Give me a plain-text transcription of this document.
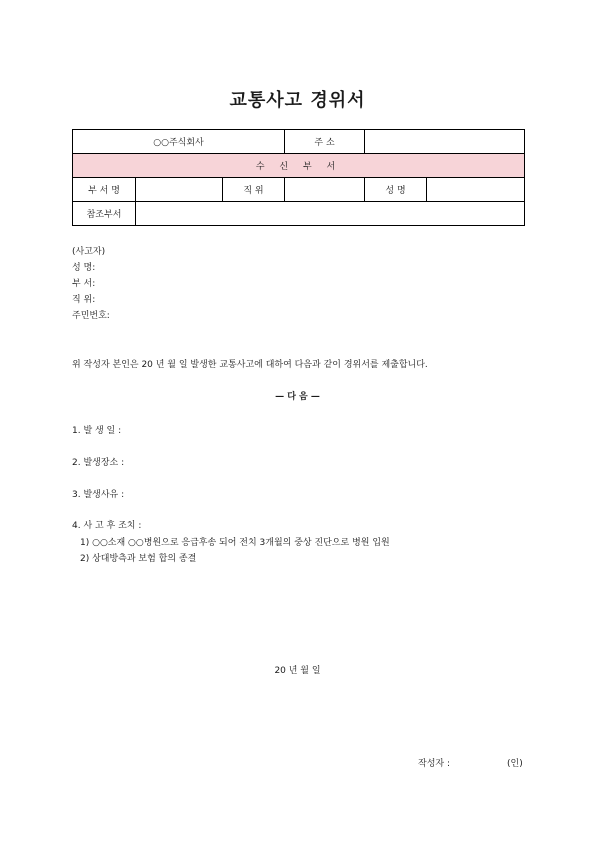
교통사고 경위서
○○주식회사		주 소		
수 신 부 서				

부 서 명	직 위		성 명	

참조부서				
(사고자)
성 명:
부 서:
직 위:
주민번호:
위 작성자 본인은 20 년 월 일 발생한 교통사고에 대하여 다음과 같이 경위서를 제출합니다.
— 다 음 —
1. 발 생 일 :
2. 발생장소 :
3. 발생사유 :
4. 사 고 후 조치 :
1) ○○소재 ○○병원으로 응급후송 되어 전치 3개월의 중상 진단으로 병원 입원
2) 상대방측과 보험 합의 종결
20 년 월 일
작성자 :	(인)
